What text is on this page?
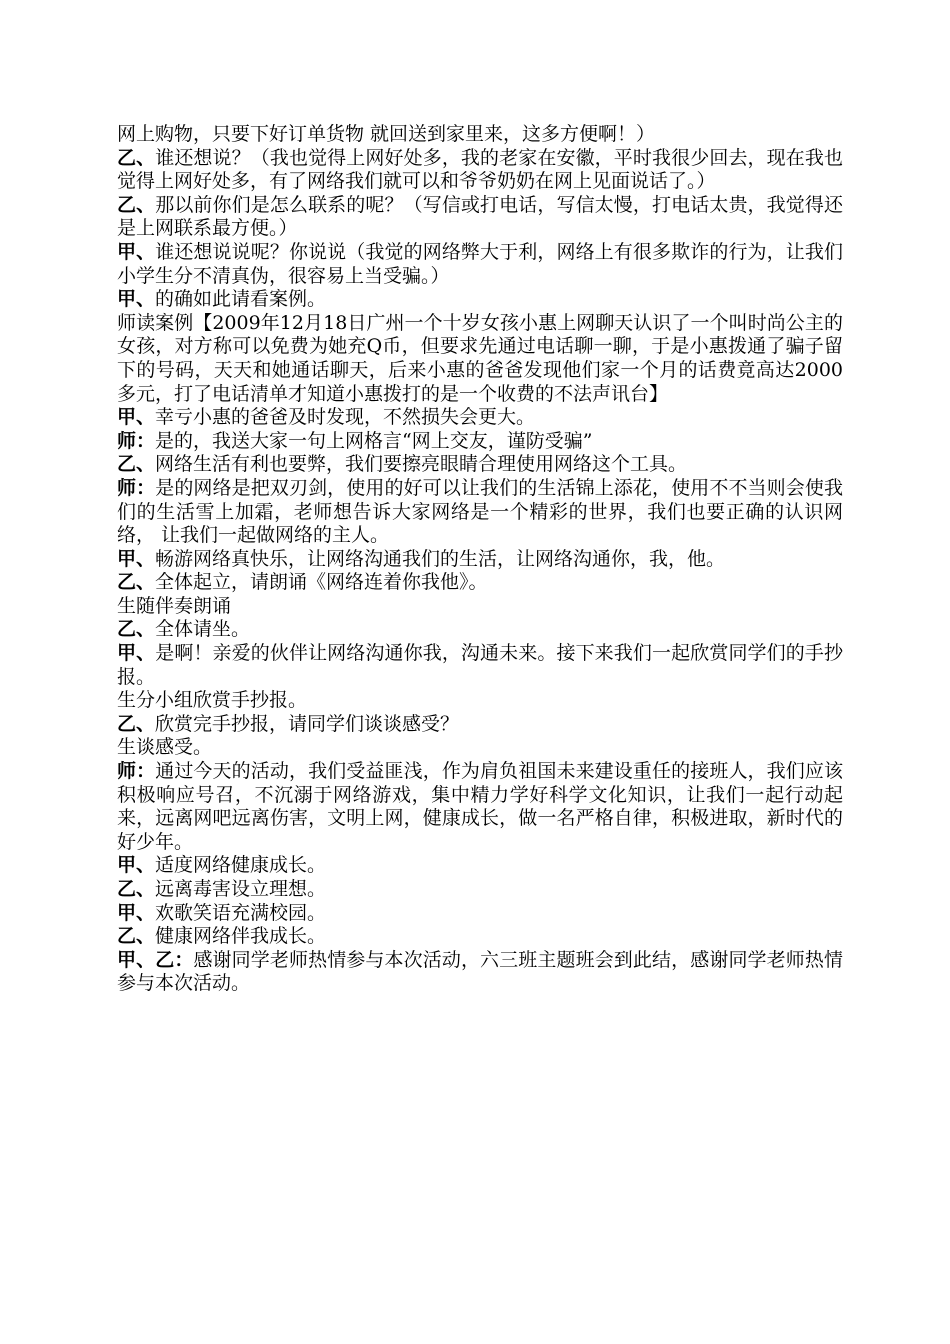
网上购物，只要下好订单货物 就回送到家里来，这多方便啊！）

乙、谁还想说？（我也觉得上网好处多，我的老家在安徽，平时我很少回去，现在我也觉得上网好处多，有了网络我们就可以和爷爷奶奶在网上见面说话了。）

乙、那以前你们是怎么联系的呢？（写信或打电话，写信太慢，打电话太贵，我觉得还是上网联系最方便。）

甲、谁还想说说呢？你说说（我觉的网络弊大于利，网络上有很多欺诈的行为，让我们小学生分不清真伪，很容易上当受骗。）

甲、的确如此请看案例。

师读案例【2009年12月18日广州一个十岁女孩小惠上网聊天认识了一个叫时尚公主的女孩，对方称可以免费为她充Q币，但要求先通过电话聊一聊，于是小惠拨通了骗子留下的号码，天天和她通话聊天，后来小惠的爸爸发现他们家一个月的话费竟高达2000多元，打了电话清单才知道小惠拨打的是一个收费的不法声讯台】

甲、幸亏小惠的爸爸及时发现，不然损失会更大。

师：是的，我送大家一句上网格言“网上交友，谨防受骗”

乙、网络生活有利也要弊，我们要擦亮眼睛合理使用网络这个工具。

师：是的网络是把双刃剑，使用的好可以让我们的生活锦上添花，使用不不当则会使我们的生活雪上加霜，老师想告诉大家网络是一个精彩的世界，我们也要正确的认识网络， 让我们一起做网络的主人。

甲、畅游网络真快乐，让网络沟通我们的生活，让网络沟通你，我，他。

乙、全体起立，请朗诵《网络连着你我他》。

生随伴奏朗诵

乙、全体请坐。

甲、是啊！亲爱的伙伴让网络沟通你我，沟通未来。接下来我们一起欣赏同学们的手抄报。

生分小组欣赏手抄报。

乙、欣赏完手抄报，请同学们谈谈感受？

生谈感受。

师：通过今天的活动，我们受益匪浅，作为肩负祖国未来建设重任的接班人，我们应该积极响应号召，不沉溺于网络游戏，集中精力学好科学文化知识，让我们一起行动起来，远离网吧远离伤害，文明上网，健康成长，做一名严格自律，积极进取，新时代的好少年。

甲、适度网络健康成长。

乙、远离毒害设立理想。

甲、欢歌笑语充满校园。

乙、健康网络伴我成长。

甲、乙：感谢同学老师热情参与本次活动，六三班主题班会到此结，感谢同学老师热情参与本次活动。
